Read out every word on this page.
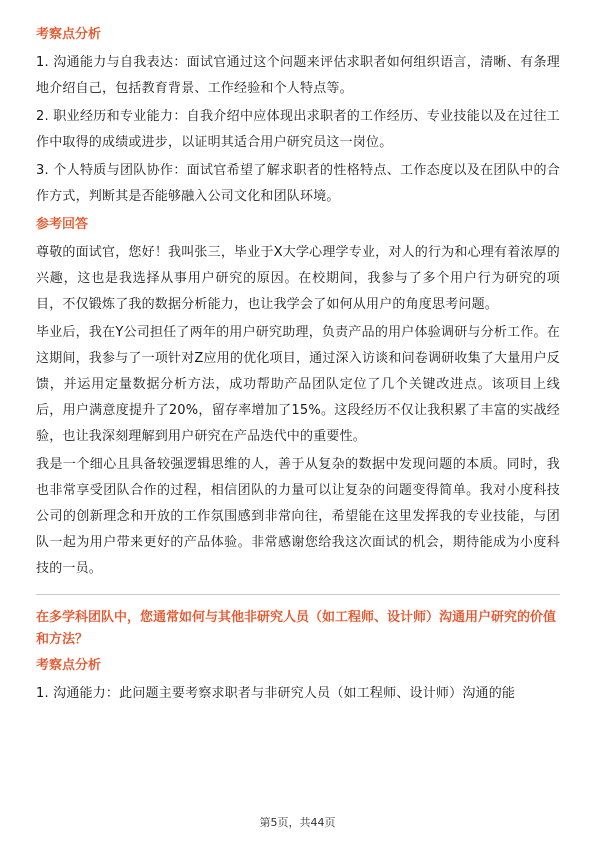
考察点分析

1. 沟通能力与自我表达：面试官通过这个问题来评估求职者如何组织语言，清晰、有条理地介绍自己，包括教育背景、工作经验和个人特点等。

2. 职业经历和专业能力：自我介绍中应体现出求职者的工作经历、专业技能以及在过往工作中取得的成绩或进步，以证明其适合用户研究员这一岗位。

3. 个人特质与团队协作：面试官希望了解求职者的性格特点、工作态度以及在团队中的合作方式，判断其是否能够融入公司文化和团队环境。

参考回答

尊敬的面试官，您好！我叫张三，毕业于X大学心理学专业，对人的行为和心理有着浓厚的兴趣，这也是我选择从事用户研究的原因。在校期间，我参与了多个用户行为研究的项目，不仅锻炼了我的数据分析能力，也让我学会了如何从用户的角度思考问题。

毕业后，我在Y公司担任了两年的用户研究助理，负责产品的用户体验调研与分析工作。在这期间，我参与了一项针对Z应用的优化项目，通过深入访谈和问卷调研收集了大量用户反馈，并运用定量数据分析方法，成功帮助产品团队定位了几个关键改进点。该项目上线后，用户满意度提升了20%，留存率增加了15%。这段经历不仅让我积累了丰富的实战经验，也让我深刻理解到用户研究在产品迭代中的重要性。

我是一个细心且具备较强逻辑思维的人，善于从复杂的数据中发现问题的本质。同时，我也非常享受团队合作的过程，相信团队的力量可以让复杂的问题变得简单。我对小度科技公司的创新理念和开放的工作氛围感到非常向往，希望能在这里发挥我的专业技能，与团队一起为用户带来更好的产品体验。非常感谢您给我这次面试的机会，期待能成为小度科技的一员。

在多学科团队中，您通常如何与其他非研究人员（如工程师、设计师）沟通用户研究的价值和方法？
考察点分析

1. 沟通能力：此问题主要考察求职者与非研究人员（如工程师、设计师）沟通的能

第5页，共44页
